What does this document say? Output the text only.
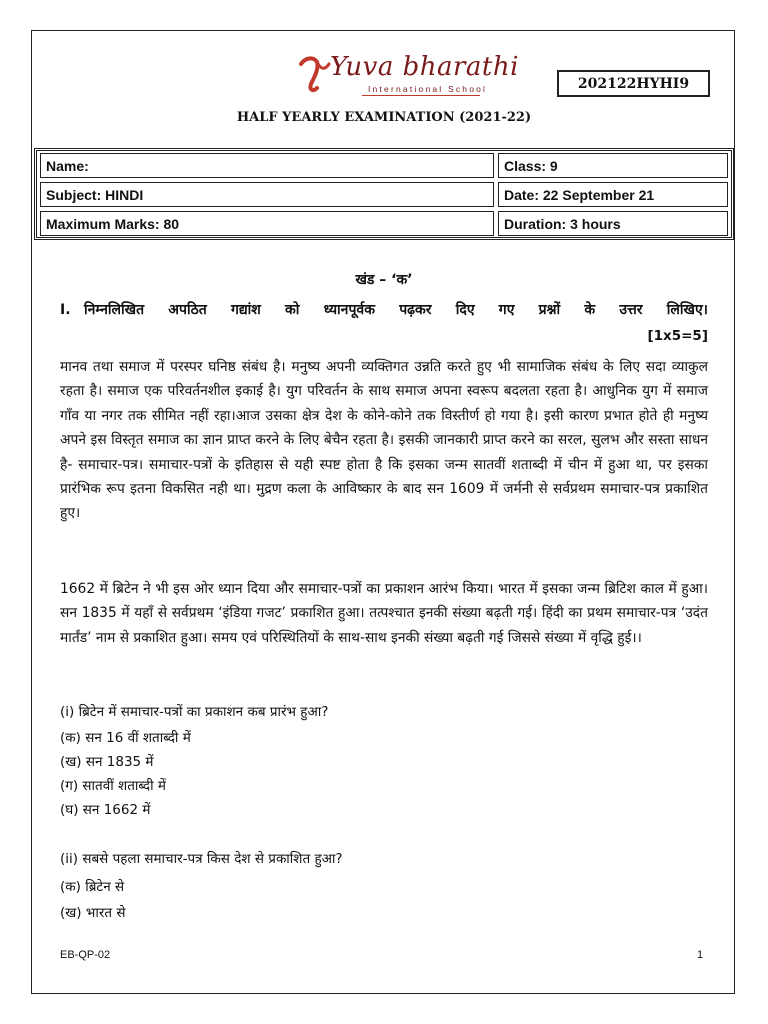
Yuva bharathi
International School	202122HYHI9
HALF YEARLY EXAMINATION (2021-22)
Name:	Class: 9
Subject: HINDI	Date: 22 September 21
Maximum Marks: 80	Duration: 3 hours
खंड – ‘क’
I. निम्नलिखित अपठित गद्यांश को ध्यानपूर्वक पढ़कर दिए गए प्रश्नों के उत्तर लिखिए।
[1x5=5]
मानव तथा समाज में परस्पर घनिष्ठ संबंध है। मनुष्य अपनी व्यक्तिगत उन्नति करते हुए भी सामाजिक संबंध के लिए सदा व्याकुल रहता है। समाज एक परिवर्तनशील इकाई है। युग परिवर्तन के साथ समाज अपना स्वरूप बदलता रहता है। आधुनिक युग में समाज गाँव या नगर तक सीमित नहीं रहा।आज उसका क्षेत्र देश के कोने-कोने तक विस्तीर्ण हो गया है। इसी कारण प्रभात होते ही मनुष्य अपने इस विस्तृत समाज का ज्ञान प्राप्त करने के लिए बेचैन रहता है। इसकी जानकारी प्राप्त करने का सरल, सुलभ और सस्ता साधन है- समाचार-पत्र। समाचार-पत्रों के इतिहास से यही स्पष्ट होता है कि इसका जन्म सातवीं शताब्दी में चीन में हुआ था, पर इसका प्रारंभिक रूप इतना विकसित नही था। मुद्रण कला के आविष्कार के बाद सन 1609 में जर्मनी से सर्वप्रथम समाचार-पत्र प्रकाशित हुए।
1662 में ब्रिटेन ने भी इस ओर ध्यान दिया और समाचार-पत्रों का प्रकाशन आरंभ किया। भारत में इसका जन्म ब्रिटिश काल में हुआ। सन 1835 में यहाँ से सर्वप्रथम ‘इंडिया गजट’ प्रकाशित हुआ। तत्पश्चात इनकी संख्या बढ़ती गई। हिंदी का प्रथम समाचार-पत्र ‘उदंत मार्तंड’ नाम से प्रकाशित हुआ। समय एवं परिस्थितियों के साथ-साथ इनकी संख्या बढ़ती गई जिससे संख्या में वृद्धि हुई।।
(i) ब्रिटेन में समाचार-पत्रों का प्रकाशन कब प्रारंभ हुआ?
(क) सन 16 वीं शताब्दी में
(ख) सन 1835 में
(ग) सातवीं शताब्दी में
(घ) सन 1662 में
(ii) सबसे पहला समाचार-पत्र किस देश से प्रकाशित हुआ?
(क) ब्रिटेन से
(ख) भारत से
EB-QP-02	1
